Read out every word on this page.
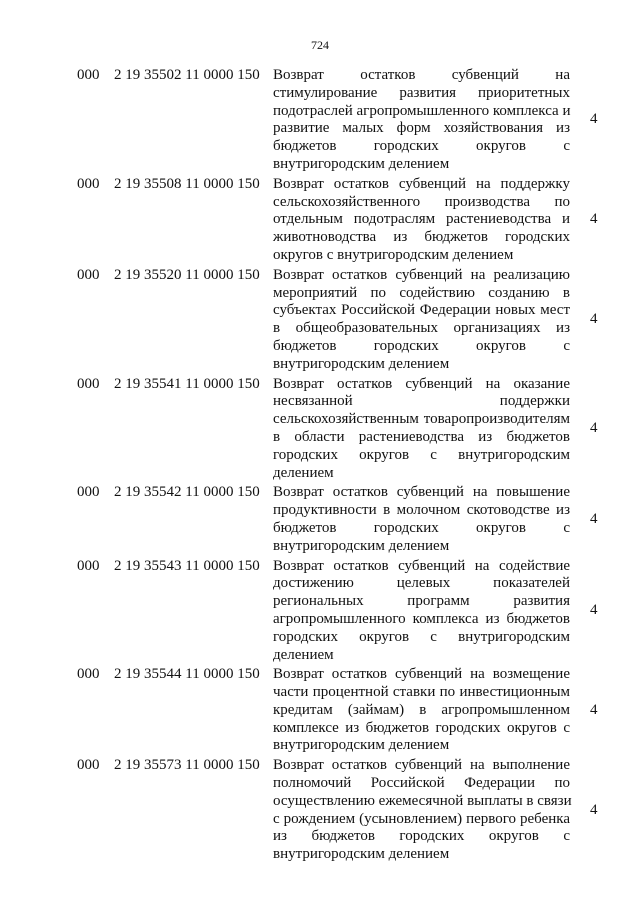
724
000 2 19 35502 11 0000 150 Возврат остатков субвенций на
стимулирование развития приоритетных
подотраслей агропромышленного комплекса и
развитие малых форм хозяйствования из
бюджетов городских округов с
внутригородским делением
4
000 2 19 35508 11 0000 150 Возврат остатков субвенций на поддержку
сельскохозяйственного производства по
отдельным подотраслям растениеводства и
животноводства из бюджетов городских
округов с внутригородским делением
4
000 2 19 35520 11 0000 150 Возврат остатков субвенций на реализацию
мероприятий по содействию созданию в
субъектах Российской Федерации новых мест
в общеобразовательных организациях из
бюджетов городских округов с
внутригородским делением
4
000 2 19 35541 11 0000 150 Возврат остатков субвенций на оказание
несвязанной поддержки
сельскохозяйственным товаропроизводителям
в области растениеводства из бюджетов
городских округов с внутригородским
делением
4
000 2 19 35542 11 0000 150 Возврат остатков субвенций на повышение
продуктивности в молочном скотоводстве из
бюджетов городских округов с
внутригородским делением
4
000 2 19 35543 11 0000 150 Возврат остатков субвенций на содействие
достижению целевых показателей
региональных программ развития
агропромышленного комплекса из бюджетов
городских округов с внутригородским
делением
4
000 2 19 35544 11 0000 150 Возврат остатков субвенций на возмещение
части процентной ставки по инвестиционным
кредитам (займам) в агропромышленном
комплексе из бюджетов городских округов с
внутригородским делением
4
000 2 19 35573 11 0000 150 Возврат остатков субвенций на выполнение
полномочий Российской Федерации по
осуществлению ежемесячной выплаты в связи
с рождением (усыновлением) первого ребенка
из бюджетов городских округов с
внутригородским делением
4
